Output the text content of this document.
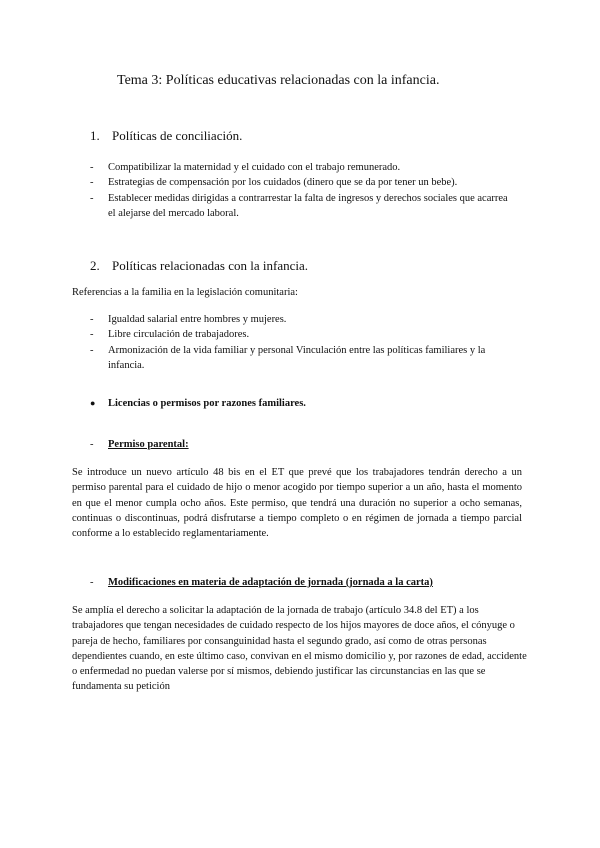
Tema 3: Políticas educativas relacionadas con la infancia.
1. Políticas de conciliación.
- Compatibilizar la maternidad y el cuidado con el trabajo remunerado.
- Estrategias de compensación por los cuidados (dinero que se da por tener un bebe).
- Establecer medidas dirigidas a contrarrestar la falta de ingresos y derechos sociales que acarrea el alejarse del mercado laboral.
2. Políticas relacionadas con la infancia.
Referencias a la familia en la legislación comunitaria:
- Igualdad salarial entre hombres y mujeres.
- Libre circulación de trabajadores.
- Armonización de la vida familiar y personal Vinculación entre las políticas familiares y la infancia.
● Licencias o permisos por razones familiares.
- Permiso parental:
Se introduce un nuevo artículo 48 bis en el ET que prevé que los trabajadores tendrán derecho a un permiso parental para el cuidado de hijo o menor acogido por tiempo superior a un año, hasta el momento en que el menor cumpla ocho años. Este permiso, que tendrá una duración no superior a ocho semanas, continuas o discontinuas, podrá disfrutarse a tiempo completo o en régimen de jornada a tiempo parcial conforme a lo establecido reglamentariamente.
- Modificaciones en materia de adaptación de jornada (jornada a la carta)
Se amplía el derecho a solicitar la adaptación de la jornada de trabajo (artículo 34.8 del ET) a los trabajadores que tengan necesidades de cuidado respecto de los hijos mayores de doce años, el cónyuge o pareja de hecho, familiares por consanguinidad hasta el segundo grado, así como de otras personas dependientes cuando, en este último caso, convivan en el mismo domicilio y, por razones de edad, accidente o enfermedad no puedan valerse por sí mismos, debiendo justificar las circunstancias en las que se fundamenta su petición
